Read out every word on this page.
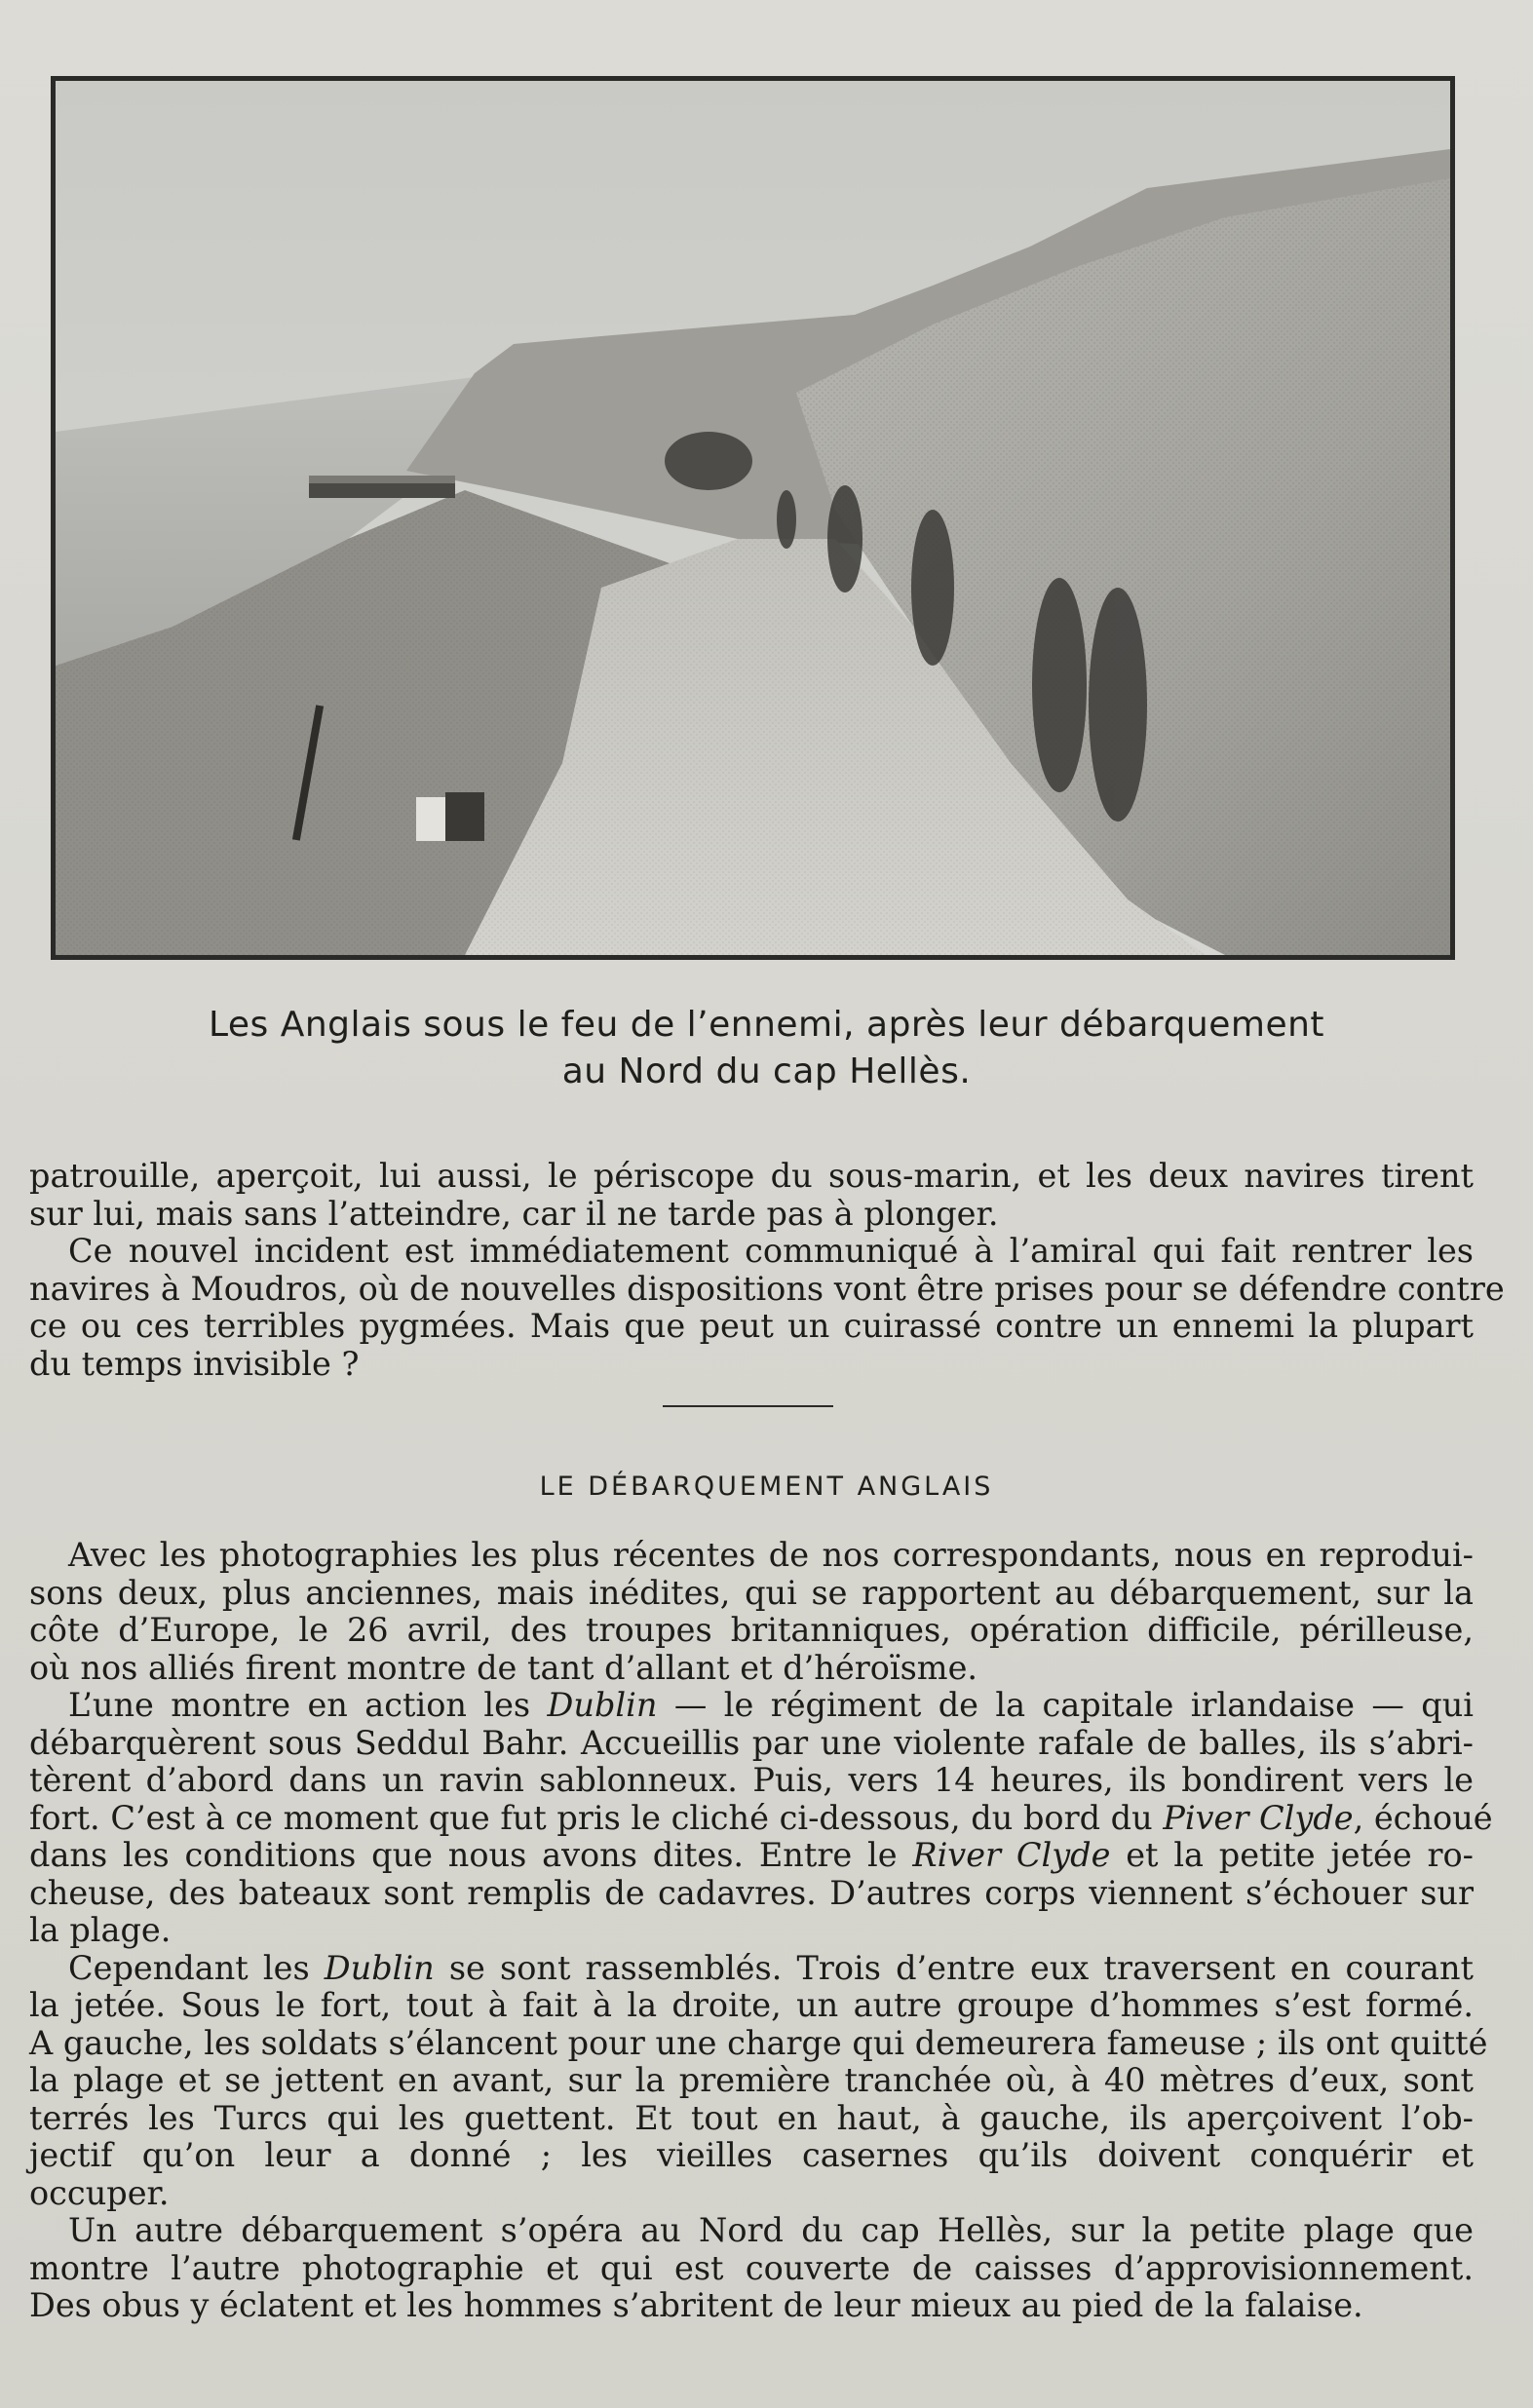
Les Anglais sous le feu de l’ennemi, après leur débarquement
au Nord du cap Hellès.
patrouille, aperçoit, lui aussi, le périscope du sous-marin, et les deux navires tirent
sur lui, mais sans l’atteindre, car il ne tarde pas à plonger.
Ce nouvel incident est immédiatement communiqué à l’amiral qui fait rentrer les
navires à Moudros, où de nouvelles dispositions vont être prises pour se défendre contre
ce ou ces terribles pygmées. Mais que peut un cuirassé contre un ennemi la plupart
du temps invisible ?
LE DÉBARQUEMENT ANGLAIS
Avec les photographies les plus récentes de nos correspondants, nous en reprodui-
sons deux, plus anciennes, mais inédites, qui se rapportent au débarquement, sur la
côte d’Europe, le 26 avril, des troupes britanniques, opération difficile, périlleuse,
où nos alliés firent montre de tant d’allant et d’héroïsme.
L’une montre en action les Dublin — le régiment de la capitale irlandaise — qui
débarquèrent sous Seddul Bahr. Accueillis par une violente rafale de balles, ils s’abri-
tèrent d’abord dans un ravin sablonneux. Puis, vers 14 heures, ils bondirent vers le
fort. C’est à ce moment que fut pris le cliché ci-dessous, du bord du Piver Clyde, échoué
dans les conditions que nous avons dites. Entre le River Clyde et la petite jetée ro-
cheuse, des bateaux sont remplis de cadavres. D’autres corps viennent s’échouer sur
la plage.
Cependant les Dublin se sont rassemblés. Trois d’entre eux traversent en courant
la jetée. Sous le fort, tout à fait à la droite, un autre groupe d’hommes s’est formé.
A gauche, les soldats s’élancent pour une charge qui demeurera fameuse ; ils ont quitté
la plage et se jettent en avant, sur la première tranchée où, à 40 mètres d’eux, sont
terrés les Turcs qui les guettent. Et tout en haut, à gauche, ils aperçoivent l’ob-
jectif qu’on leur a donné ; les vieilles casernes qu’ils doivent conquérir et
occuper.
Un autre débarquement s’opéra au Nord du cap Hellès, sur la petite plage que
montre l’autre photographie et qui est couverte de caisses d’approvisionnement.
Des obus y éclatent et les hommes s’abritent de leur mieux au pied de la falaise.
